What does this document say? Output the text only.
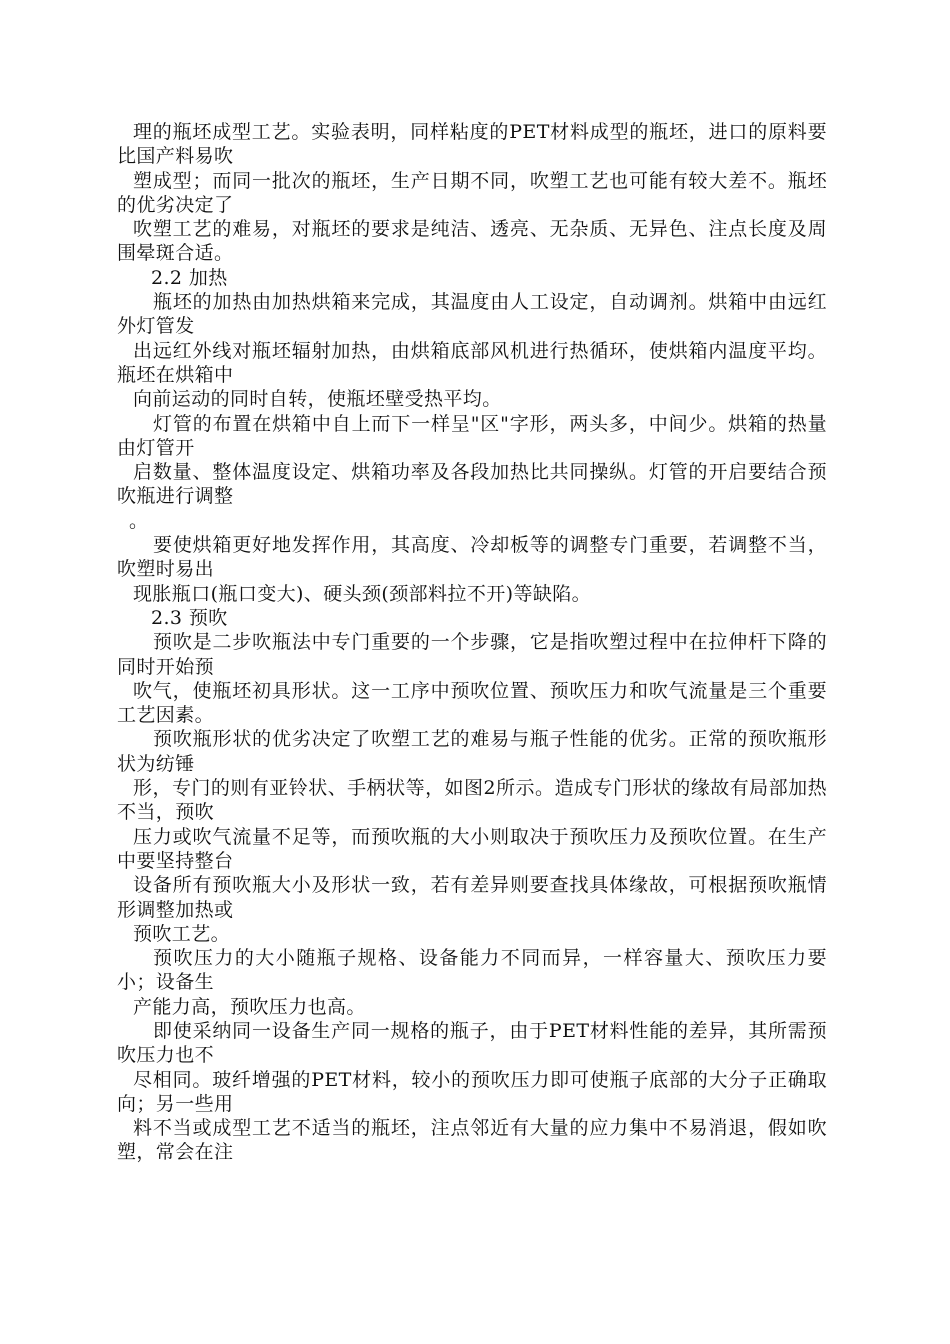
理的瓶坯成型工艺。实验表明，同样粘度的PET材料成型的瓶坯，进口的原料要比国产料易吹

塑成型；而同一批次的瓶坯，生产日期不同，吹塑工艺也可能有较大差不。瓶坯的优劣决定了

吹塑工艺的难易，对瓶坯的要求是纯洁、透亮、无杂质、无异色、注点长度及周围晕斑合适。

2.2 加热

瓶坯的加热由加热烘箱来完成，其温度由人工设定，自动调剂。烘箱中由远红外灯管发

出远红外线对瓶坯辐射加热，由烘箱底部风机进行热循环，使烘箱内温度平均。瓶坯在烘箱中

向前运动的同时自转，使瓶坯壁受热平均。

灯管的布置在烘箱中自上而下一样呈"区"字形，两头多，中间少。烘箱的热量由灯管开

启数量、整体温度设定、烘箱功率及各段加热比共同操纵。灯管的开启要结合预吹瓶进行调整

。

要使烘箱更好地发挥作用，其高度、冷却板等的调整专门重要，若调整不当，吹塑时易出

现胀瓶口(瓶口变大)、硬头颈(颈部料拉不开)等缺陷。

2.3 预吹

预吹是二步吹瓶法中专门重要的一个步骤，它是指吹塑过程中在拉伸杆下降的同时开始预

吹气，使瓶坯初具形状。这一工序中预吹位置、预吹压力和吹气流量是三个重要工艺因素。

预吹瓶形状的优劣决定了吹塑工艺的难易与瓶子性能的优劣。正常的预吹瓶形状为纺锤

形，专门的则有亚铃状、手柄状等，如图2所示。造成专门形状的缘故有局部加热不当，预吹

压力或吹气流量不足等，而预吹瓶的大小则取决于预吹压力及预吹位置。在生产中要坚持整台

设备所有预吹瓶大小及形状一致，若有差异则要查找具体缘故，可根据预吹瓶情形调整加热或

预吹工艺。

预吹压力的大小随瓶子规格、设备能力不同而异，一样容量大、预吹压力要小；设备生

产能力高，预吹压力也高。

即使采纳同一设备生产同一规格的瓶子，由于PET材料性能的差异，其所需预吹压力也不

尽相同。玻纤增强的PET材料，较小的预吹压力即可使瓶子底部的大分子正确取向；另一些用

料不当或成型工艺不适当的瓶坯，注点邻近有大量的应力集中不易消退，假如吹塑，常会在注
